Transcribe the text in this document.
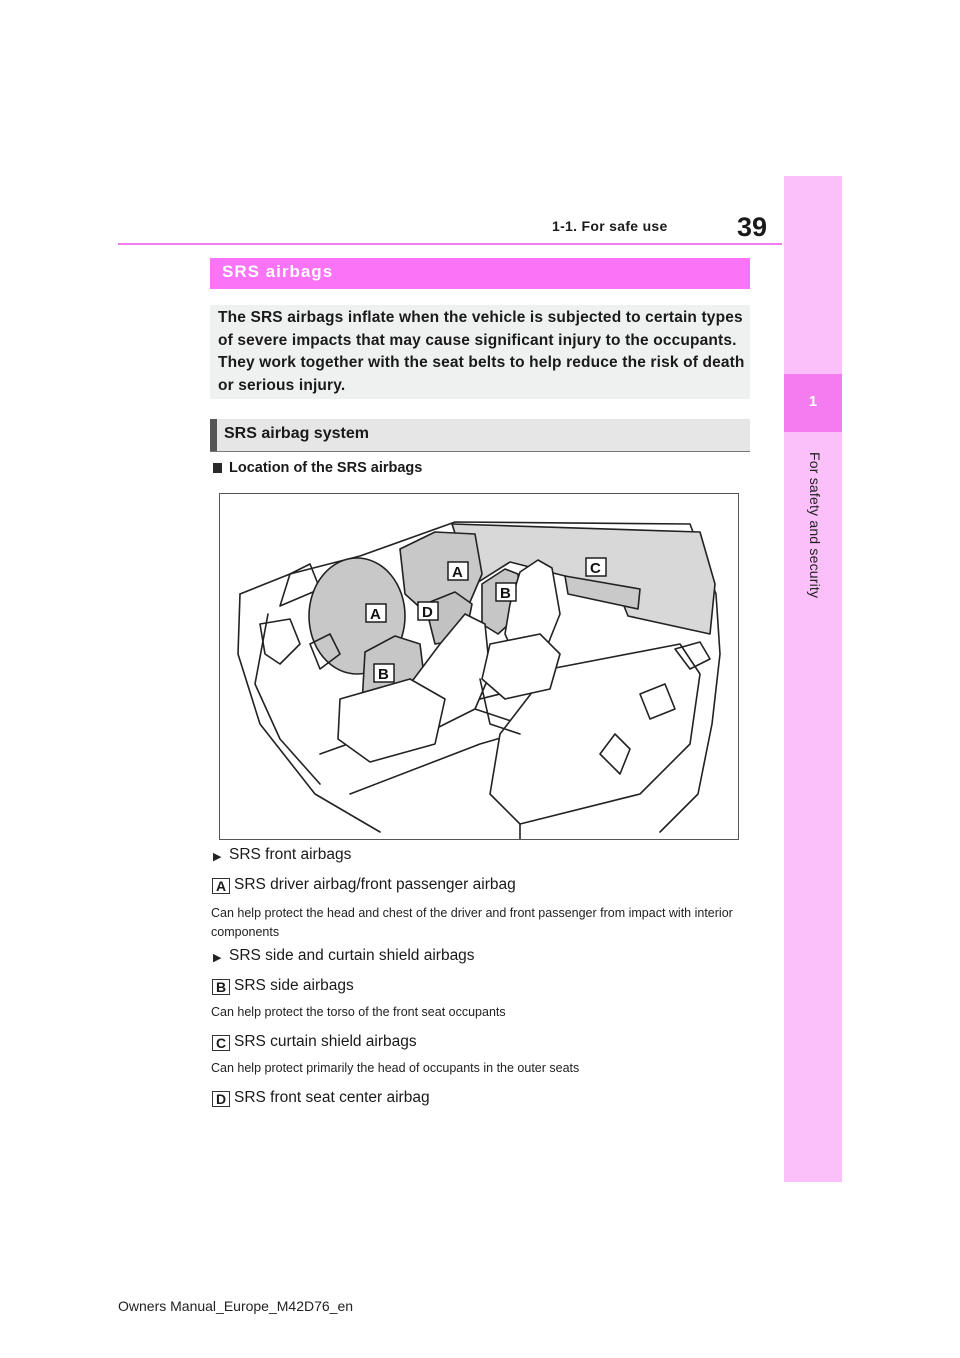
39
1-1. For safe use
1
For safety and security
SRS airbags
The SRS airbags inflate when the vehicle is subjected to certain types of severe impacts that may cause significant injury to the occupants. They work together with the seat belts to help reduce the risk of death or serious injury.
SRS airbag system
Location of the SRS airbags
A
A
B
B
C
D
▶ SRS front airbags
A SRS driver airbag/front passenger airbag
Can help protect the head and chest of the driver and front passenger from impact with interior components
▶ SRS side and curtain shield airbags
B SRS side airbags
Can help protect the torso of the front seat occupants
C SRS curtain shield airbags
Can help protect primarily the head of occupants in the outer seats
D SRS front seat center airbag
Owners Manual_Europe_M42D76_en
